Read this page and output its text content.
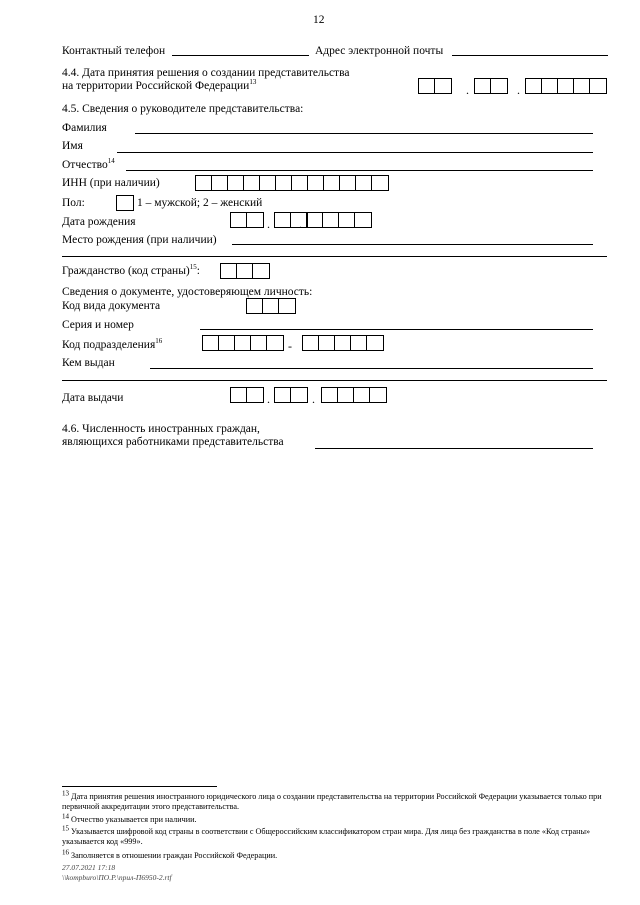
12
Контактный телефон	Адрес электронной почты
4.4. Дата принятия решения о создании представительства
на территории Российской Федерации$^{13}$
.	.
4.5. Сведения о руководителе представительства:
Фамилия
Имя
Отчество$^{14}$
ИНН (при наличии)
Пол:	1 – мужской; 2 – женский
Дата рождения	. .
Место рождения (при наличии)
Гражданство (код страны)$^{15}$:
Сведения о документе, удостоверяющем личность:
Код вида документа
Серия и номер
Код подразделения$^{16}$	-
Кем выдан
Дата выдачи	.	.
4.6. Численность иностранных граждан,
являющихся работниками представительства
$^{13}$ Дата принятия решения иностранного юридического лица о создании представительства на территории Российской Федерации указывается только при первичной аккредитации этого представительства.
$^{14}$ Отчество указывается при наличии.
$^{15}$ Указывается шифровой код страны в соответствии с Общероссийским классификатором стран мира. Для лица без гражданства в поле «Код страны» указывается код «999».
$^{16}$ Заполняется в отношении граждан Российской Федерации.
27.07.2021 17:18
\\kompburo\ПО.Р.\прил-П6950-2.rtf
